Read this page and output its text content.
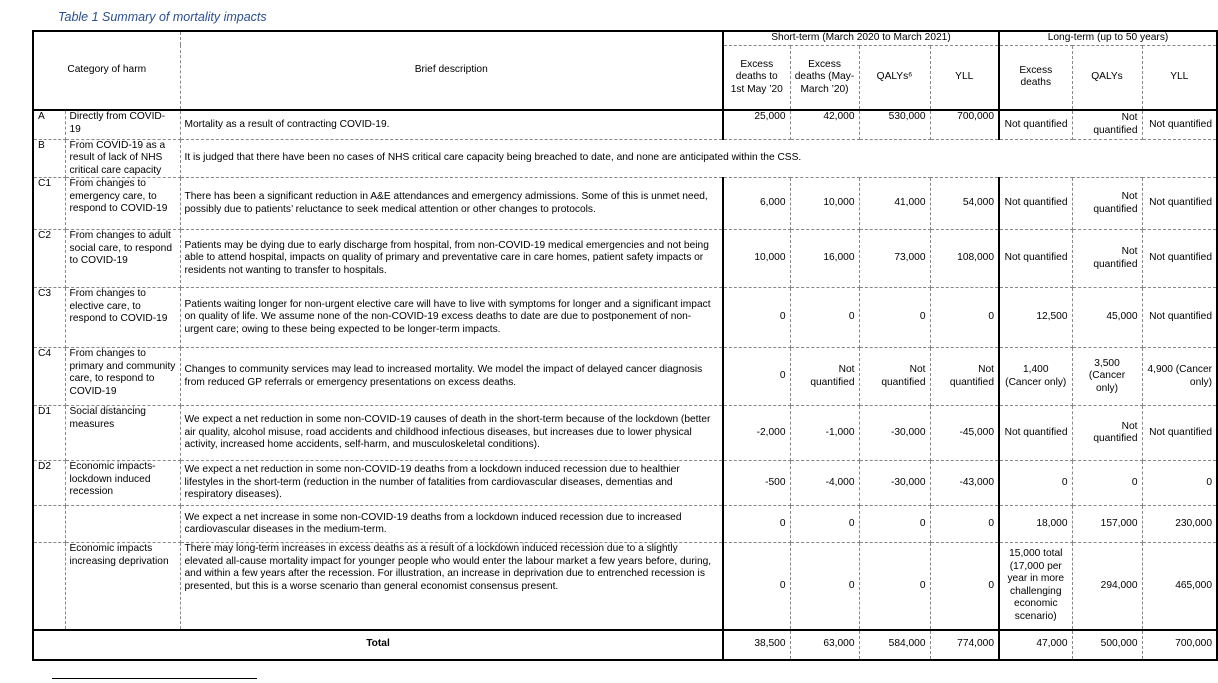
Table 1 Summary of mortality impacts
Category of harm		Brief description	Short-term (March 2020 to March 2021)				Long-term (up to 50 years)		
			Excess deaths to 1st May ’20	Excess deaths (May- March ’20)	QALYs⁶	YLL	Excess deaths	QALYs	YLL
A	Directly from COVID-19	Mortality as a result of contracting COVID-19.	25,000	42,000	530,000	700,000	Not quantified	Not quantified	Not quantified
B	From COVID-19 as a result of lack of NHS critical care capacity	It is judged that there have been no cases of NHS critical care capacity being breached to date, and none are anticipated within the CSS.							
C1	From changes to emergency care, to respond to COVID-19	There has been a significant reduction in A&E attendances and emergency admissions. Some of this is unmet need, possibly due to patients’ reluctance to seek medical attention or other changes to protocols.	6,000	10,000	41,000	54,000	Not quantified	Not quantified	Not quantified
C2	From changes to adult social care, to respond to COVID-19	Patients may be dying due to early discharge from hospital, from non-COVID-19 medical emergencies and not being able to attend hospital, impacts on quality of primary and preventative care in care homes, patient safety impacts or residents not wanting to transfer to hospitals.	10,000	16,000	73,000	108,000	Not quantified	Not quantified	Not quantified
C3	From changes to elective care, to respond to COVID-19	Patients waiting longer for non-urgent elective care will have to live with symptoms for longer and a significant impact on quality of life. We assume none of the non-COVID-19 excess deaths to date are due to postponement of non-urgent care; owing to these being expected to be longer-term impacts.	0	0	0	0	12,500	45,000	Not quantified
C4	From changes to primary and community care, to respond to COVID-19	Changes to community services may lead to increased mortality. We model the impact of delayed cancer diagnosis from reduced GP referrals or emergency presentations on excess deaths.	0	Not quantified	Not quantified	Not quantified	1,400 (Cancer only)	3,500 (Cancer only)	4,900 (Cancer only)
D1	Social distancing measures	We expect a net reduction in some non-COVID-19 causes of death in the short-term because of the lockdown (better air quality, alcohol misuse, road accidents and childhood infectious diseases, but increases due to lower physical activity, increased home accidents, self-harm, and musculoskeletal conditions).	-2,000	-1,000	-30,000	-45,000	Not quantified	Not quantified	Not quantified
D2	Economic impacts- lockdown induced recession	We expect a net reduction in some non-COVID-19 deaths from a lockdown induced recession due to healthier lifestyles in the short-term (reduction in the number of fatalities from cardiovascular diseases, dementias and respiratory diseases).	-500	-4,000	-30,000	-43,000	0	0	0
		We expect a net increase in some non-COVID-19 deaths from a lockdown induced recession due to increased cardiovascular diseases in the medium-term.	0	0	0	0	18,000	157,000	230,000
	Economic impacts increasing deprivation	There may long-term increases in excess deaths as a result of a lockdown induced recession due to a slightly elevated all-cause mortality impact for younger people who would enter the labour market a few years before, during, and within a few years after the recession. For illustration, an increase in deprivation due to entrenched recession is presented, but this is a worse scenario than general economist consensus present.	0	0	0	0	15,000 total (17,000 per year in more challenging economic scenario)	294,000	465,000
Total			38,500	63,000	584,000	774,000	47,000	500,000	700,000
